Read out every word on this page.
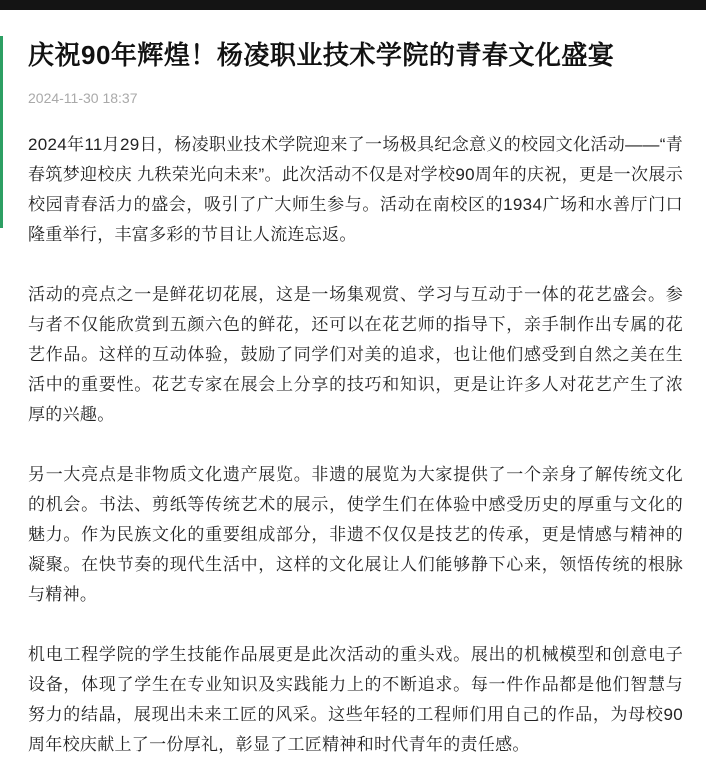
庆祝90年辉煌！杨凌职业技术学院的青春文化盛宴
2024-11-30 18:37

2024年11月29日，杨凌职业技术学院迎来了一场极具纪念意义的校园文化活动——“青春筑梦迎校庆 九秩荣光向未来”。此次活动不仅是对学校90周年的庆祝，更是一次展示校园青春活力的盛会，吸引了广大师生参与。活动在南校区的1934广场和水善厅门口隆重举行，丰富多彩的节目让人流连忘返。

活动的亮点之一是鲜花切花展，这是一场集观赏、学习与互动于一体的花艺盛会。参与者不仅能欣赏到五颜六色的鲜花，还可以在花艺师的指导下，亲手制作出专属的花艺作品。这样的互动体验，鼓励了同学们对美的追求，也让他们感受到自然之美在生活中的重要性。花艺专家在展会上分享的技巧和知识，更是让许多人对花艺产生了浓厚的兴趣。

另一大亮点是非物质文化遗产展览。非遗的展览为大家提供了一个亲身了解传统文化的机会。书法、剪纸等传统艺术的展示，使学生们在体验中感受历史的厚重与文化的魅力。作为民族文化的重要组成部分，非遗不仅仅是技艺的传承，更是情感与精神的凝聚。在快节奏的现代生活中，这样的文化展让人们能够静下心来，领悟传统的根脉与精神。

机电工程学院的学生技能作品展更是此次活动的重头戏。展出的机械模型和创意电子设备，体现了学生在专业知识及实践能力上的不断追求。每一件作品都是他们智慧与努力的结晶，展现出未来工匠的风采。这些年轻的工程师们用自己的作品，为母校90周年校庆献上了一份厚礼，彰显了工匠精神和时代青年的责任感。
